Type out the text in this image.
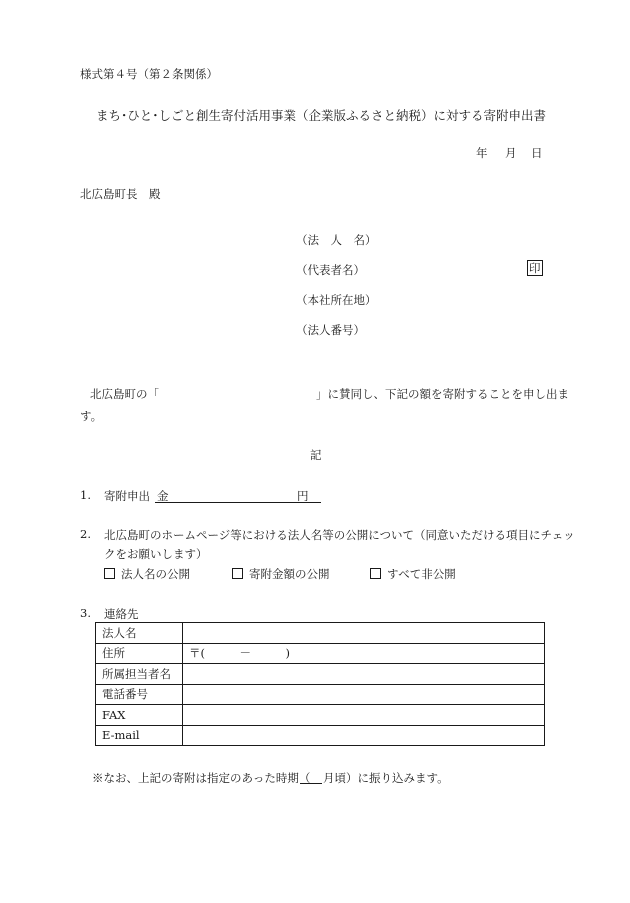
様式第４号（第２条関係）
まち･ひと･しごと創生寄付活用事業（企業版ふるさと納税）に対する寄附申出書
年 月 日
北広島町長　殿
（法　人　名）
（代表者名）	印
（本社所在地）
（法人番号）
北広島町の「	」に賛同し、下記の額を寄附することを申し出ま
す。
記
1. 寄附申出 金	円
2. 北広島町のホームページ等における法人名等の公開について（同意いただける項目にチェッ
クをお願いします）
法人名の公開	寄附金額の公開	すべて非公開
3. 連絡先
法人名	
住所	〒(　　　－　　　)
所属担当者名	
電話番号	
FAX	
E-mail	
※なお、上記の寄附は指定のあった時期（ 月頃）に振り込みます。
